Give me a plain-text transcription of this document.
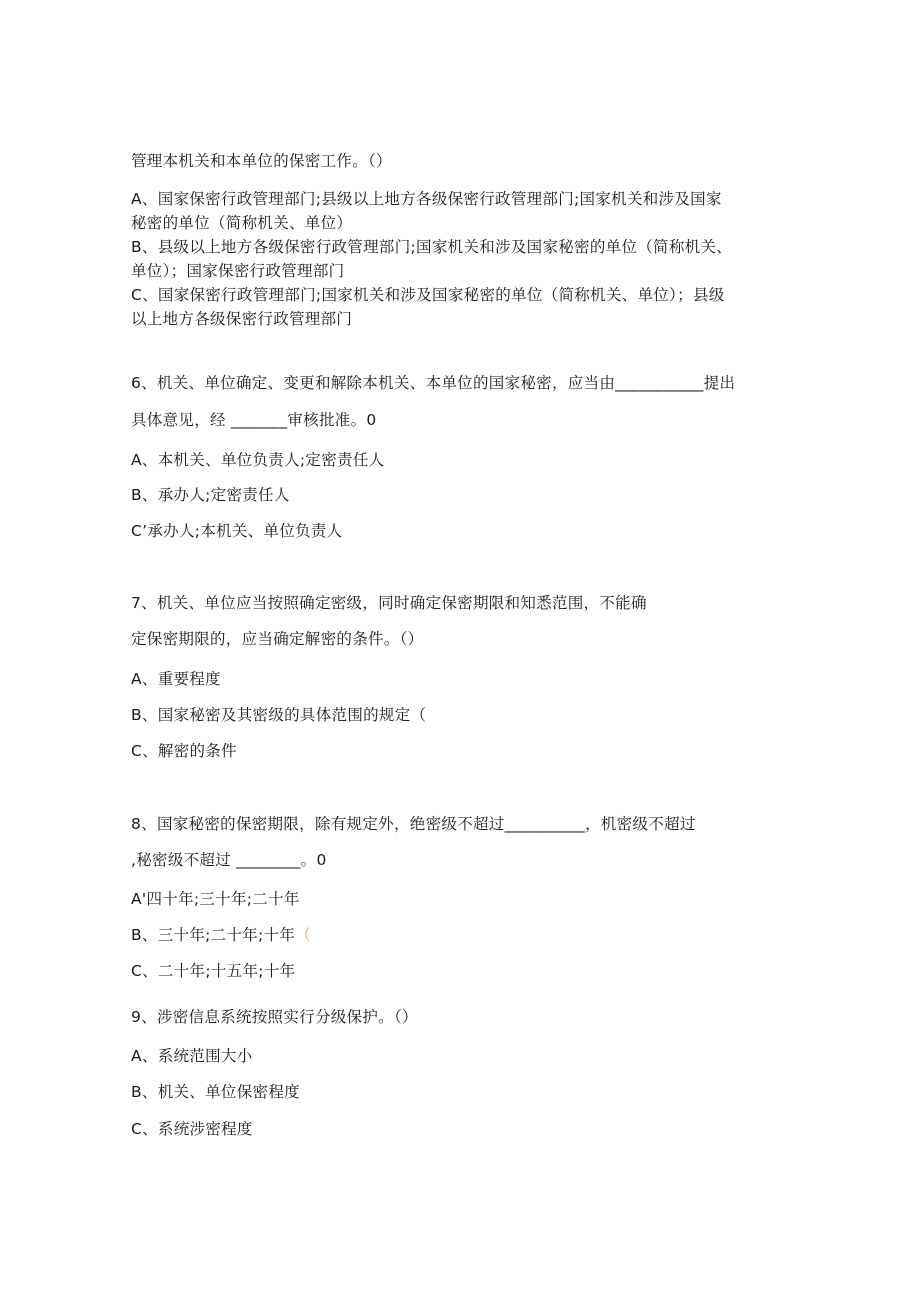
管理本机关和本单位的保密工作。（）
A、国家保密行政管理部门;县级以上地方各级保密行政管理部门;国家机关和涉及国家
秘密的单位（简称机关、单位）
B、县级以上地方各级保密行政管理部门;国家机关和涉及国家秘密的单位（简称机关、
单位）；国家保密行政管理部门
C、国家保密行政管理部门;国家机关和涉及国家秘密的单位（简称机关、单位）；县级
以上地方各级保密行政管理部门
6、机关、单位确定、变更和解除本机关、本单位的国家秘密，应当由___________提出
具体意见，经 _______审核批准。0
A、本机关、单位负责人;定密责任人
B、承办人;定密责任人
C’承办人;本机关、单位负责人
7、机关、单位应当按照确定密级，同时确定保密期限和知悉范围，不能确
定保密期限的，应当确定解密的条件。（）
A、重要程度
B、国家秘密及其密级的具体范围的规定（
C、解密的条件
8、国家秘密的保密期限，除有规定外，绝密级不超过__________，机密级不超过
,秘密级不超过 ________。0
A'四十年;三十年;二十年
B、三十年;二十年;十年（
C、二十年;十五年;十年
9、涉密信息系统按照实行分级保护。（）
A、系统范围大小
B、机关、单位保密程度
C、系统涉密程度
